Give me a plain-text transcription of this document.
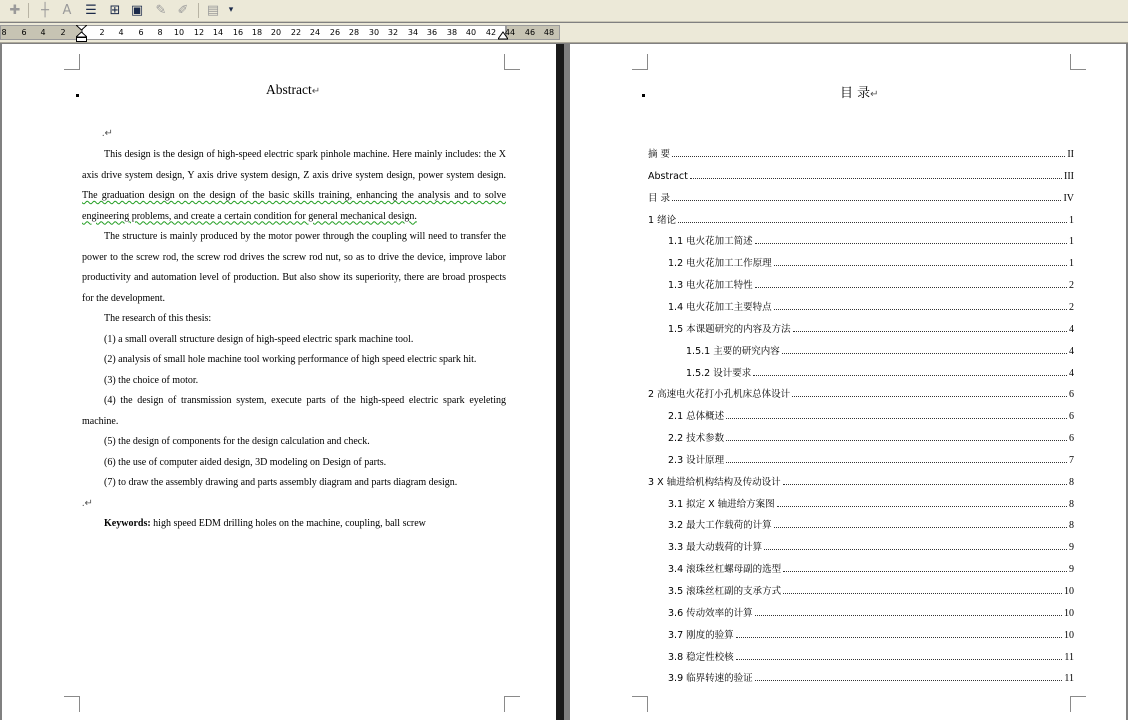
✚	┼	A	☰ ⊞ ▣ ✎ ✐ ▤	▾
8 6 4 2	2 4 6 8 10 12 14 16 18 20 22 24 26 28 30 32 34 36 38 40 42 44 46 48
Abstract↵
.↵

This design is the design of high-speed electric spark pinhole machine. Here mainly includes: the X axis drive system design, Y axis drive system design, Z axis drive system design, power system design. The graduation design on the design of the basic skills training, enhancing the analysis and to solve engineering problems, and create a certain condition for general mechanical design.

The structure is mainly produced by the motor power through the coupling will need to transfer the power to the screw rod, the screw rod drives the screw rod nut, so as to drive the device, improve labor productivity and automation level of production. But also show its superiority, there are broad prospects for the development.

The research of this thesis:

(1) a small overall structure design of high-speed electric spark machine tool.

(2) analysis of small hole machine tool working performance of high speed electric spark hit.

(3) the choice of motor.

(4) the design of transmission system, execute parts of the high-speed electric spark eyeleting machine.

(5) the design of components for the design calculation and check.

(6) the use of computer aided design, 3D modeling on Design of parts.

(7) to draw the assembly drawing and parts assembly diagram and parts diagram design.

.↵

Keywords: high speed EDM drilling holes on the machine, coupling, ball screw

目 录↵
摘 要	II
Abstract	III
目 录	IV
1 绪论	1
1.1 电火花加工简述	1
1.2 电火花加工工作原理	1
1.3 电火花加工特性	2
1.4 电火花加工主要特点	2
1.5 本课题研究的内容及方法	4
1.5.1 主要的研究内容	4
1.5.2 设计要求	4
2 高速电火花打小孔机床总体设计	6
2.1 总体概述	6
2.2 技术参数	6
2.3 设计原理	7
3 X 轴进给机构结构及传动设计	8
3.1 拟定 X 轴进给方案图	8
3.2 最大工作载荷的计算	8
3.3 最大动载荷的计算	9
3.4 滚珠丝杠螺母副的选型	9
3.5 滚珠丝杠副的支承方式	10
3.6 传动效率的计算	10
3.7 刚度的验算	10
3.8 稳定性校核	11
3.9 临界转速的验证	11
